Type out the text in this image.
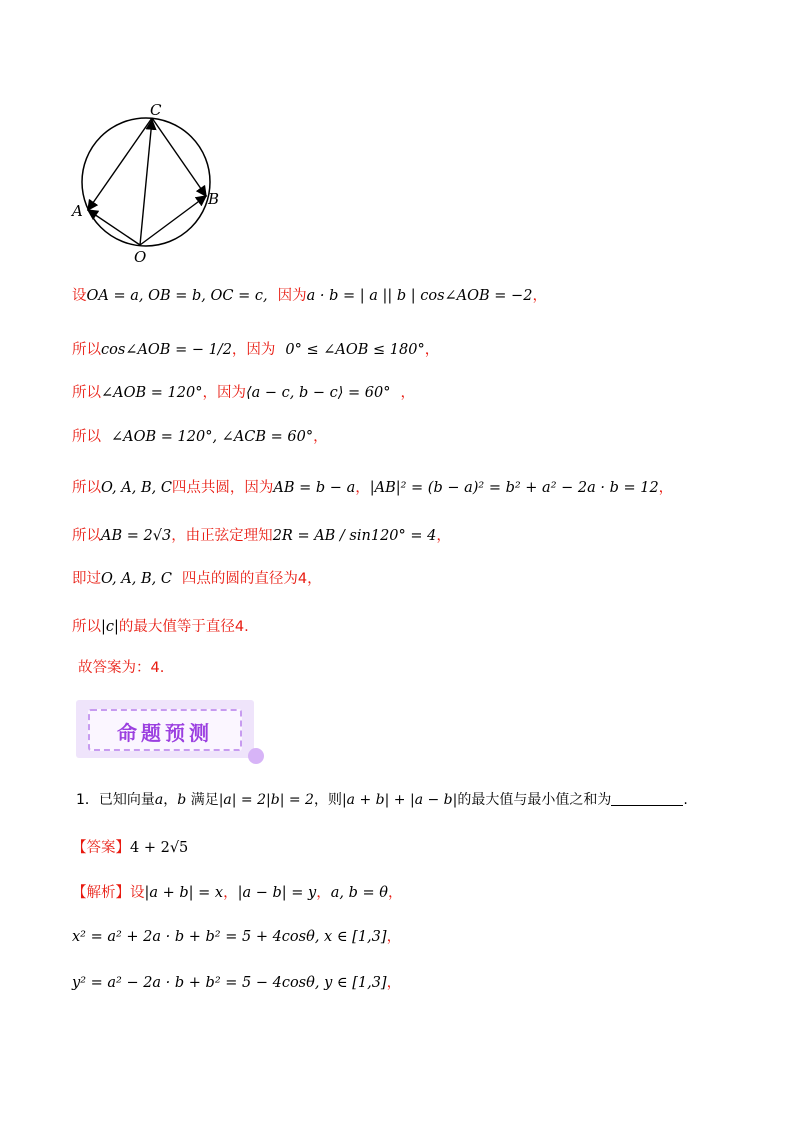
C
A
B
O
设OA = a, OB = b, OC = c, 因为a · b = | a || b | cos∠AOB = −2，
所以cos∠AOB = − 1/2，因为 0° ≤ ∠AOB ≤ 180°，
所以∠AOB = 120°，因为⟨a − c, b − c⟩ = 60° ，
所以 ∠AOB = 120°, ∠ACB = 60°，
所以O, A, B, C四点共圆，因为AB = b − a，|AB|² = (b − a)² = b² + a² − 2a · b = 12，
所以AB = 2√3，由正弦定理知2R = AB / sin120° = 4，
即过O, A, B, C 四点的圆的直径为4，
所以|c|的最大值等于直径4.
故答案为：4.
命题预测
1．已知向量a，b 满足|a| = 2|b| = 2，则|a + b| + |a − b|的最大值与最小值之和为	.
【答案】4 + 2√5
【解析】设|a + b| = x，|a − b| = y，a, b = θ，
x² = a² + 2a · b + b² = 5 + 4cosθ, x ∈ [1,3]，
y² = a² − 2a · b + b² = 5 − 4cosθ, y ∈ [1,3]，
